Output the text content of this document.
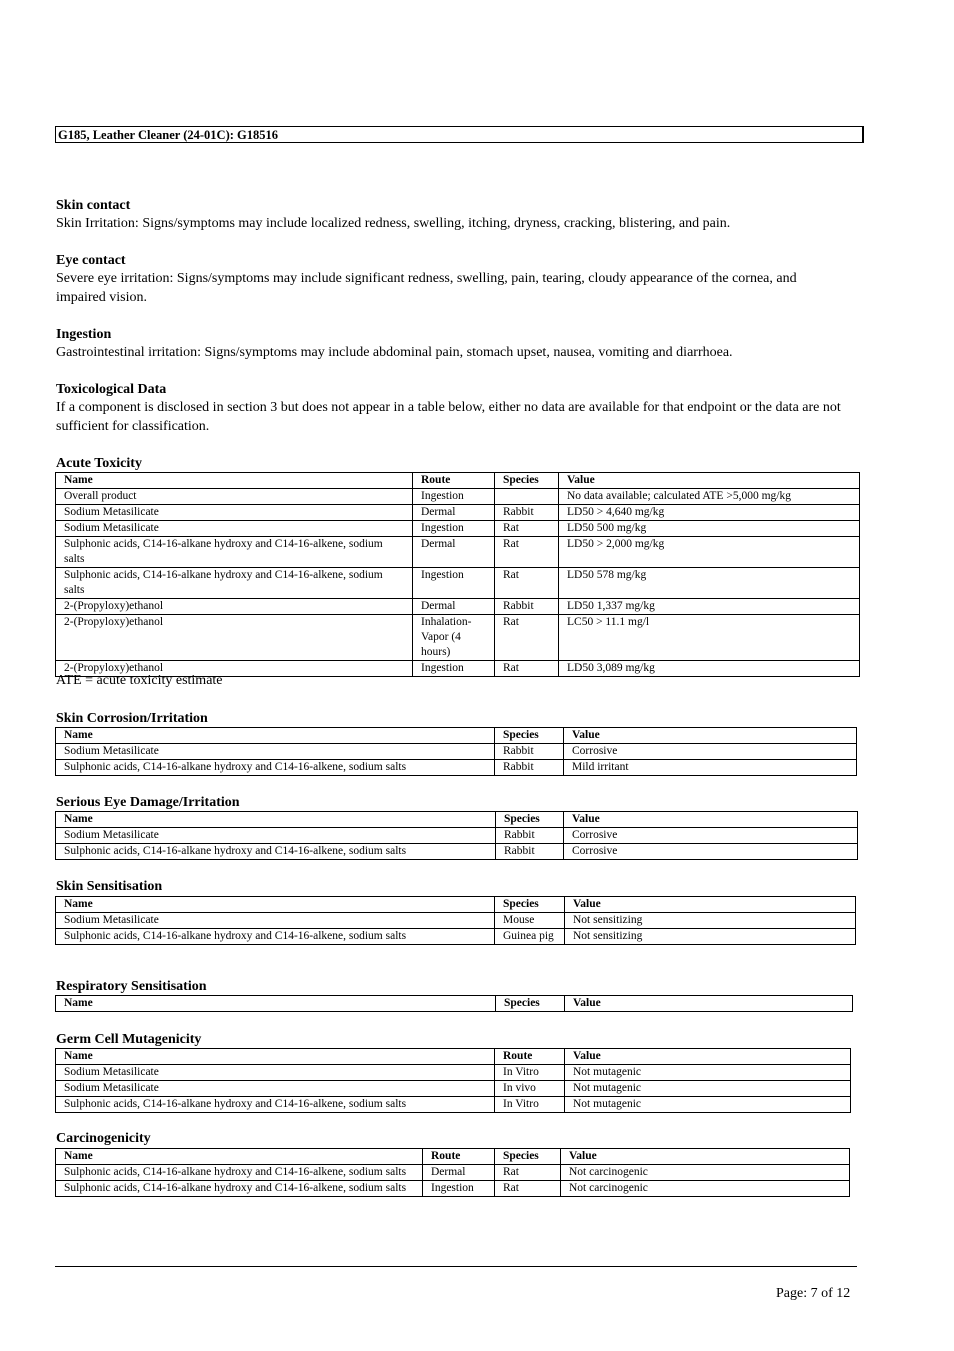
G185, Leather Cleaner (24-01C): G18516
Skin contact
Skin Irritation: Signs/symptoms may include localized redness, swelling, itching, dryness, cracking, blistering, and pain.
Eye contact
Severe eye irritation: Signs/symptoms may include significant redness, swelling, pain, tearing, cloudy appearance of the cornea, and impaired vision.
Ingestion
Gastrointestinal irritation: Signs/symptoms may include abdominal pain, stomach upset, nausea, vomiting and diarrhoea.
Toxicological Data
If a component is disclosed in section 3 but does not appear in a table below, either no data are available for that endpoint or the data are not sufficient for classification.
Acute Toxicity
Name	Route	Species	Value
Overall product	Ingestion		No data available; calculated ATE >5,000 mg/kg
Sodium Metasilicate	Dermal	Rabbit	LD50 > 4,640 mg/kg
Sodium Metasilicate	Ingestion	Rat	LD50 500 mg/kg
Sulphonic acids, C14-16-alkane hydroxy and C14-16-alkene, sodium salts	Dermal	Rat	LD50 > 2,000 mg/kg
Sulphonic acids, C14-16-alkane hydroxy and C14-16-alkene, sodium salts	Ingestion	Rat	LD50 578 mg/kg
2-(Propyloxy)ethanol	Dermal	Rabbit	LD50 1,337 mg/kg
2-(Propyloxy)ethanol	Inhalation-Vapor (4 hours)	Rat	LC50 > 11.1 mg/l
2-(Propyloxy)ethanol	Ingestion	Rat	LD50 3,089 mg/kg
ATE = acute toxicity estimate
Skin Corrosion/Irritation
Name	Species	Value
Sodium Metasilicate	Rabbit	Corrosive
Sulphonic acids, C14-16-alkane hydroxy and C14-16-alkene, sodium salts	Rabbit	Mild irritant
Serious Eye Damage/Irritation
Name	Species	Value
Sodium Metasilicate	Rabbit	Corrosive
Sulphonic acids, C14-16-alkane hydroxy and C14-16-alkene, sodium salts	Rabbit	Corrosive
Skin Sensitisation
Name	Species	Value
Sodium Metasilicate	Mouse	Not sensitizing
Sulphonic acids, C14-16-alkane hydroxy and C14-16-alkene, sodium salts	Guinea pig	Not sensitizing
Respiratory Sensitisation
Name	Species	Value
Germ Cell Mutagenicity
Name	Route	Value
Sodium Metasilicate	In Vitro	Not mutagenic
Sodium Metasilicate	In vivo	Not mutagenic
Sulphonic acids, C14-16-alkane hydroxy and C14-16-alkene, sodium salts	In Vitro	Not mutagenic
Carcinogenicity
Name	Route	Species	Value
Sulphonic acids, C14-16-alkane hydroxy and C14-16-alkene, sodium salts	Dermal	Rat	Not carcinogenic
Sulphonic acids, C14-16-alkane hydroxy and C14-16-alkene, sodium salts	Ingestion	Rat	Not carcinogenic
Page: 7 of 12
